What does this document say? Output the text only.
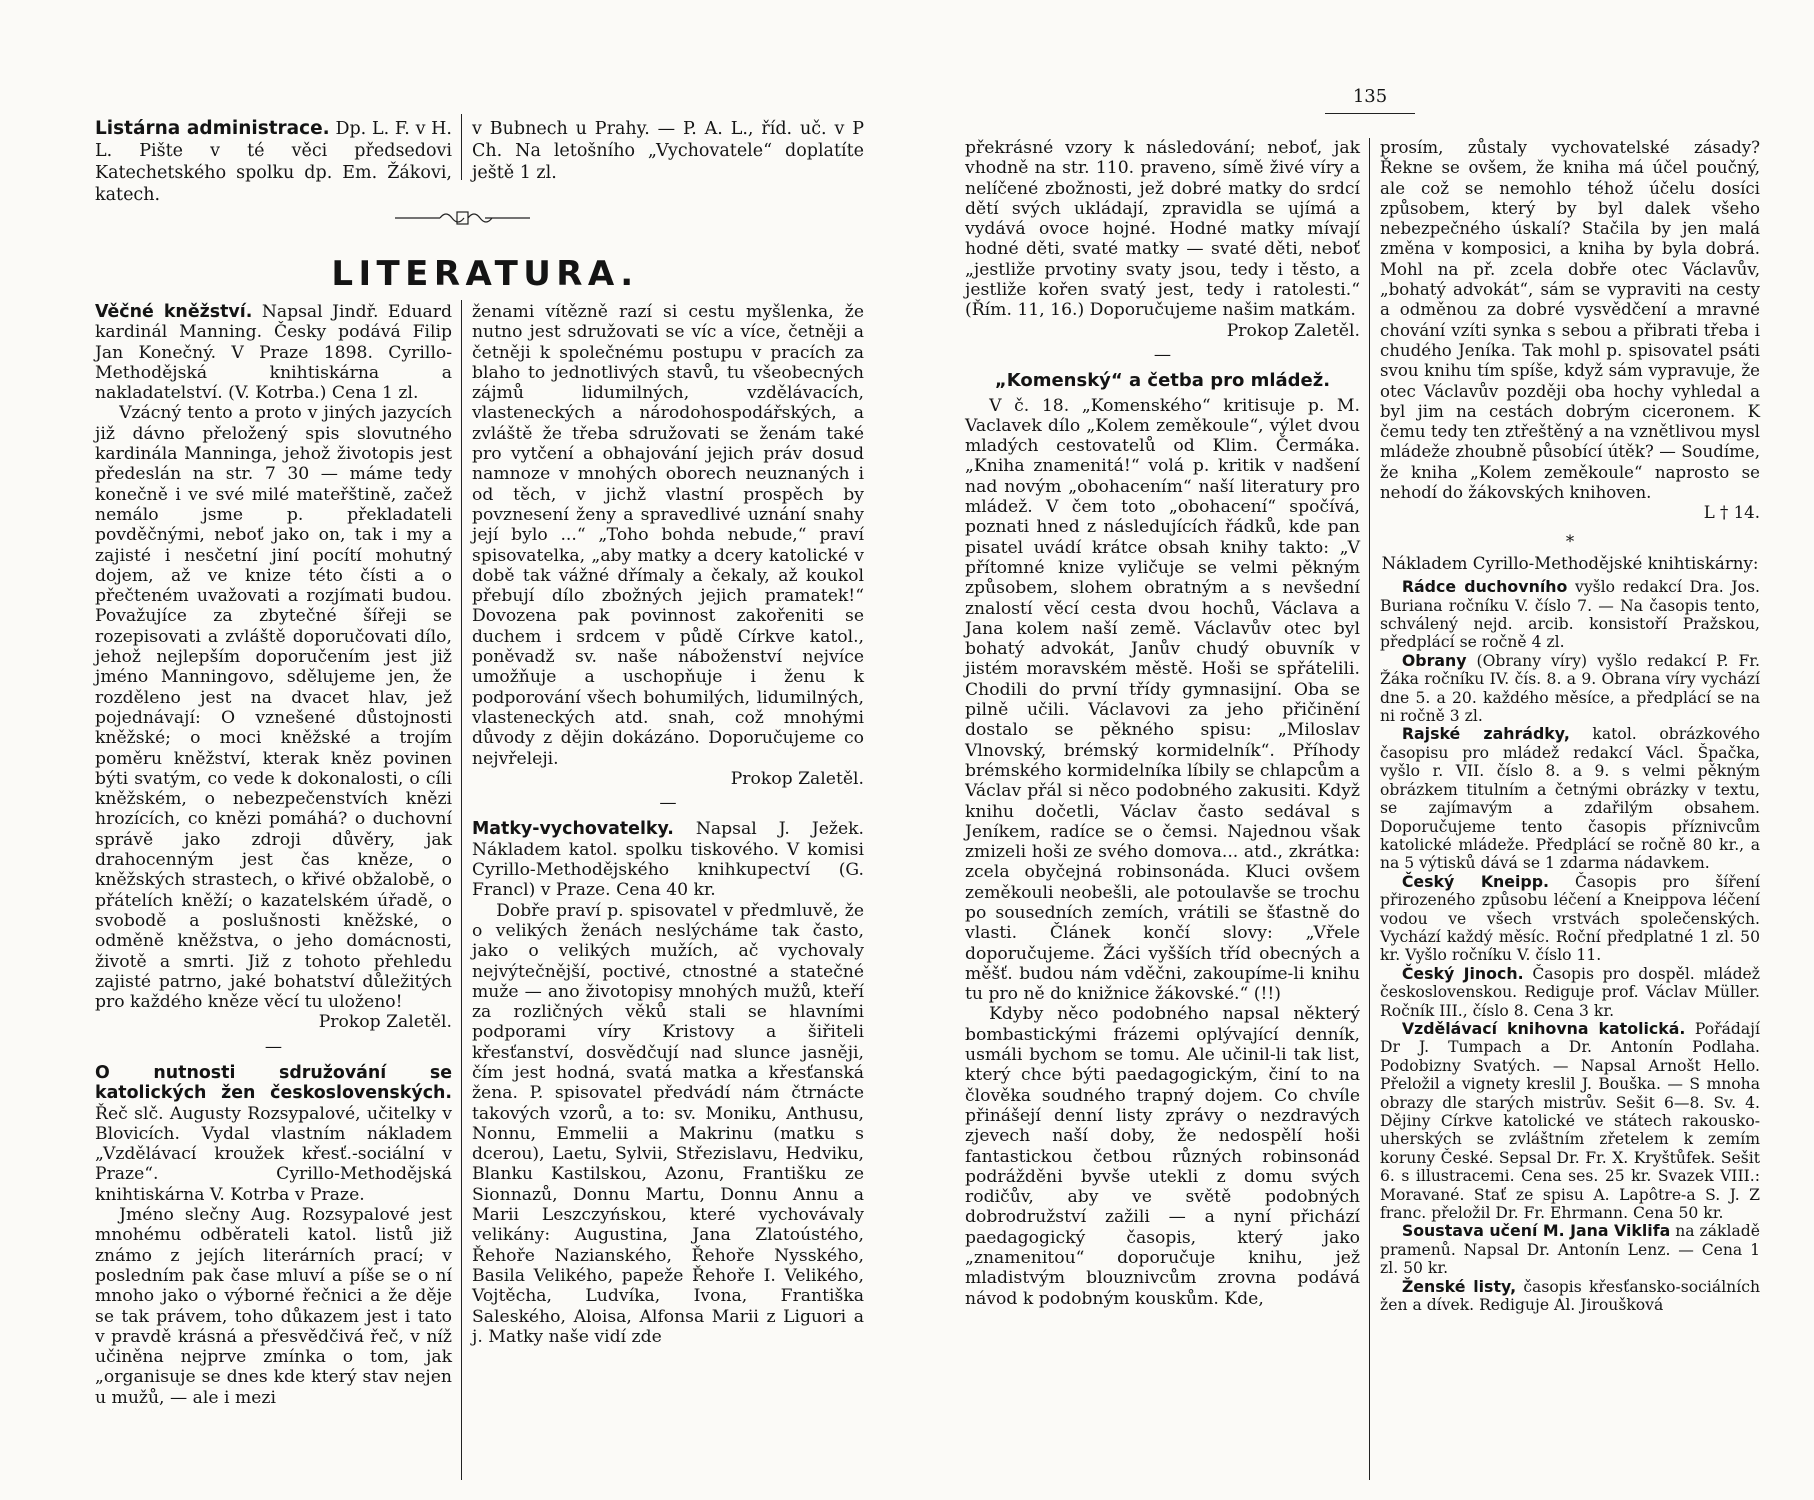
135
Listárna administrace. Dp. L. F. v H. L. Pište v té věci předsedovi Katechetského spolku dp. Em. Žákovi, katech.
v Bubnech u Prahy. — P. A. L., říd. uč. v P Ch. Na letošního „Vychovatele“ doplatíte ještě 1 zl.
LITERATURA.

Věčné kněžství. Napsal Jindř. Eduard kardinál Manning. Česky podává Filip Jan Konečný. V Praze 1898. Cyrillo-Methodějská knihtiskárna a nakladatelství. (V. Kotrba.) Cena 1 zl.

Vzácný tento a proto v jiných jazycích již dávno přeložený spis slovutného kardinála Manninga, jehož životopis jest předeslán na str. 7 30 — máme tedy konečně i ve své milé mateřštině, začež nemálo jsme p. překladateli povděčnými, neboť jako on, tak i my a zajisté i nesčetní jiní pocítí mohutný dojem, až ve knize této čísti a o přečteném uvažovati a rozjímati budou. Považujíce za zbytečné šířeji se rozepisovati a zvláště doporučovati dílo, jehož nejlepším doporučením jest již jméno Manningovo, sdělujeme jen, že rozděleno jest na dvacet hlav, jež pojednávají: O vznešené důstojnosti kněžské; o moci kněžské a trojím poměru kněžství, kterak kněz povinen býti svatým, co vede k dokonalosti, o cíli kněžském, o nebezpečenstvích knězi hrozících, co knězi pomáhá? o duchovní správě jako zdroji důvěry, jak drahocenným jest čas kněze, o kněžských strastech, o křivé obžalobě, o přátelích kněží; o kazatelském úřadě, o svobodě a poslušnosti kněžské, o odměně kněžstva, o jeho domácnosti, životě a smrti. Již z tohoto přehledu zajisté patrno, jaké bohatství důležitých pro každého kněze věcí tu uloženo!

Prokop Zaletěl.

—

O nutnosti sdružování se katolických žen československých. Řeč slč. Augusty Rozsypalové, učitelky v Blovicích. Vydal vlastním nákladem „Vzdělávací kroužek křesť.-sociální v Praze“. Cyrillo-Methodějská knihtiskárna V. Kotrba v Praze.

Jméno slečny Aug. Rozsypalové jest mnohému odběrateli katol. listů již známo z jejích literárních prací; v posledním pak čase mluví a píše se o ní mnoho jako o výborné řečnici a že děje se tak právem, toho důkazem jest i tato v pravdě krásná a přesvědčivá řeč, v níž učiněna nejprve zmínka o tom, jak „organisuje se dnes kde který stav nejen u mužů, — ale i mezi

ženami vítězně razí si cestu myšlenka, že nutno jest sdružovati se víc a více, četněji a četněji k společnému postupu v pracích za blaho to jednotlivých stavů, tu všeobecných zájmů lidumilných, vzdělávacích, vlasteneckých a národohospodářských, a zvláště že třeba sdružovati se ženám také pro vytčení a obhajování jejich práv dosud namnoze v mnohých oborech neuznaných i od těch, v jichž vlastní prospěch by povznesení ženy a spravedlivé uznání snahy její bylo ...“ „Toho bohda nebude,“ praví spisovatelka, „aby matky a dcery katolické v době tak vážné dřímaly a čekaly, až koukol přebují dílo zbožných jejich pramatek!“ Dovozena pak povinnost zakořeniti se duchem i srdcem v půdě Církve katol., poněvadž sv. naše náboženství nejvíce umožňuje a uschopňuje i ženu k podporování všech bohumilých, lidumilných, vlasteneckých atd. snah, což mnohými důvody z dějin dokázáno. Doporučujeme co nejvřeleji.

Prokop Zaletěl.

—

Matky-vychovatelky. Napsal J. Ježek. Nákladem katol. spolku tiskového. V komisi Cyrillo-Methodějského knihkupectví (G. Francl) v Praze. Cena 40 kr.

Dobře praví p. spisovatel v předmluvě, že o velikých ženách neslýcháme tak často, jako o velikých mužích, ač vychovaly nejvýtečnější, poctivé, ctnostné a statečné muže — ano životopisy mnohých mužů, kteří za rozličných věků stali se hlavními podporami víry Kristovy a šiřiteli křesťanství, dosvědčují nad slunce jasněji, čím jest hodná, svatá matka a křesťanská žena. P. spisovatel předvádí nám čtrnácte takových vzorů, a to: sv. Moniku, Anthusu, Nonnu, Emmelii a Makrinu (matku s dcerou), Laetu, Sylvii, Střezislavu, Hedviku, Blanku Kastilskou, Azonu, Františku ze Sionnazů, Donnu Martu, Donnu Annu a Marii Leszczyńskou, které vychovávaly velikány: Augustina, Jana Zlatoústého, Řehoře Nazianského, Řehoře Nysského, Basila Velikého, papeže Řehoře I. Velikého, Vojtěcha, Ludvíka, Ivona, Františka Saleského, Aloisa, Alfonsa Marii z Liguori a j. Matky naše vidí zde

překrásné vzory k následování; neboť, jak vhodně na str. 110. praveno, símě živé víry a nelíčené zbožnosti, jež dobré matky do srdcí dětí svých ukládají, zpravidla se ujímá a vydává ovoce hojné. Hodné matky mívají hodné děti, svaté matky — svaté děti, neboť „jestliže prvotiny svaty jsou, tedy i těsto, a jestliže kořen svatý jest, tedy i ratolesti.“ (Řím. 11, 16.) Doporučujeme našim matkám.

Prokop Zaletěl.

—
„Komenský“ a četba pro mládež.

V č. 18. „Komenského“ kritisuje p. M. Vaclavek dílo „Kolem zeměkoule“, výlet dvou mladých cestovatelů od Klim. Čermáka. „Kniha znamenitá!“ volá p. kritik v nadšení nad novým „obohacením“ naší literatury pro mládež. V čem toto „obohacení“ spočívá, poznati hned z následujících řádků, kde pan pisatel uvádí krátce obsah knihy takto: „V přítomné knize vyličuje se velmi pěkným způsobem, slohem obratným a s nevšední znalostí věcí cesta dvou hochů, Václava a Jana kolem naší země. Václavův otec byl bohatý advokát, Janův chudý obuvník v jistém moravském městě. Hoši se spřátelili. Chodili do první třídy gymnasijní. Oba se pilně učili. Václavovi za jeho přičinění dostalo se pěkného spisu: „Miloslav Vlnovský, brémský kormidelník“. Příhody brémského kormidelníka líbily se chlapcům a Václav přál si něco podobného zakusiti. Když knihu dočetli, Václav často sedával s Jeníkem, radíce se o čemsi. Najednou však zmizeli hoši ze svého domova... atd., zkrátka: zcela obyčejná robinsonáda. Kluci ovšem zeměkouli neobešli, ale potoulavše se trochu po sousedních zemích, vrátili se šťastně do vlasti. Článek končí slovy: „Vřele doporučujeme. Žáci vyšších tříd obecných a měšť. budou nám vděčni, zakoupíme-li knihu tu pro ně do knižnice žákovské.“ (!!)

Kdyby něco podobného napsal některý bombastickými frázemi oplývající denník, usmáli bychom se tomu. Ale učinil-li tak list, který chce býti paedagogickým, činí to na člověka soudného trapný dojem. Co chvíle přinášejí denní listy zprávy o nezdravých zjevech naší doby, že nedospělí hoši fantastickou četbou různých robinsonád podrážděni byvše utekli z domu svých rodičův, aby ve světě podobných dobrodružství zažili — a nyní přichází paedagogický časopis, který jako „znamenitou“ doporučuje knihu, jež mladistvým blouznivcům zrovna podává návod k podobným kouskům. Kde,

prosím, zůstaly vychovatelské zásady? Řekne se ovšem, že kniha má účel poučný, ale což se nemohlo téhož účelu dosíci způsobem, který by byl dalek všeho nebezpečného úskalí? Stačila by jen malá změna v komposici, a kniha by byla dobrá. Mohl na př. zcela dobře otec Václavův, „bohatý advokát“, sám se vypraviti na cesty a odměnou za dobré vysvědčení a mravné chování vzíti synka s sebou a přibrati třeba i chudého Jeníka. Tak mohl p. spisovatel psáti svou knihu tím spíše, když sám vypravuje, že otec Václavův později oba hochy vyhledal a byl jim na cestách dobrým ciceronem. K čemu tedy ten ztřeštěný a na vznětlivou mysl mládeže zhoubně působící útěk? — Soudíme, že kniha „Kolem zeměkoule“ naprosto se nehodí do žákovských knihoven.

L † 14.

*
Nákladem Cyrillo-Methodějské knihtiskárny:

Rádce duchovního vyšlo redakcí Dra. Jos. Buriana ročníku V. číslo 7. — Na časopis tento, schválený nejd. arcib. konsistoří Pražskou, předplácí se ročně 4 zl.

Obrany (Obrany víry) vyšlo redakcí P. Fr. Žáka ročníku IV. čís. 8. a 9. Obrana víry vychází dne 5. a 20. každého měsíce, a předplácí se na ni ročně 3 zl.

Rajské zahrádky, katol. obrázkového časopisu pro mládež redakcí Václ. Špačka, vyšlo r. VII. číslo 8. a 9. s velmi pěkným obrázkem titulním a četnými obrázky v textu, se zajímavým a zdařilým obsahem. Doporučujeme tento časopis příznivcům katolické mládeže. Předplácí se ročně 80 kr., a na 5 výtisků dává se 1 zdarma nádavkem.

Český Kneipp. Časopis pro šíření přirozeného způsobu léčení a Kneippova léčení vodou ve všech vrstvách společenských. Vychází každý měsíc. Roční předplatné 1 zl. 50 kr. Vyšlo ročníku V. číslo 11.

Český Jinoch. Časopis pro dospěl. mládež československou. Rediguje prof. Václav Müller. Ročník III., číslo 8. Cena 3 kr.

Vzdělávací knihovna katolická. Pořádají Dr J. Tumpach a Dr. Antonín Podlaha. Podobizny Svatých. — Napsal Arnošt Hello. Přeložil a vignety kreslil J. Bouška. — S mnoha obrazy dle starých mistrův. Sešit 6—8. Sv. 4. Dějiny Církve katolické ve státech rakousko-uherských se zvláštním zřetelem k zemím koruny České. Sepsal Dr. Fr. X. Kryštůfek. Sešit 6. s illustracemi. Cena ses. 25 kr. Svazek VIII.: Moravané. Stať ze spisu A. Lapôtre-a S. J. Z franc. přeložil Dr. Fr. Ehrmann. Cena 50 kr.

Soustava učení M. Jana Viklifa na základě pramenů. Napsal Dr. Antonín Lenz. — Cena 1 zl. 50 kr.

Ženské listy, časopis křesťansko-sociálních žen a dívek. Rediguje Al. Jiroušková
